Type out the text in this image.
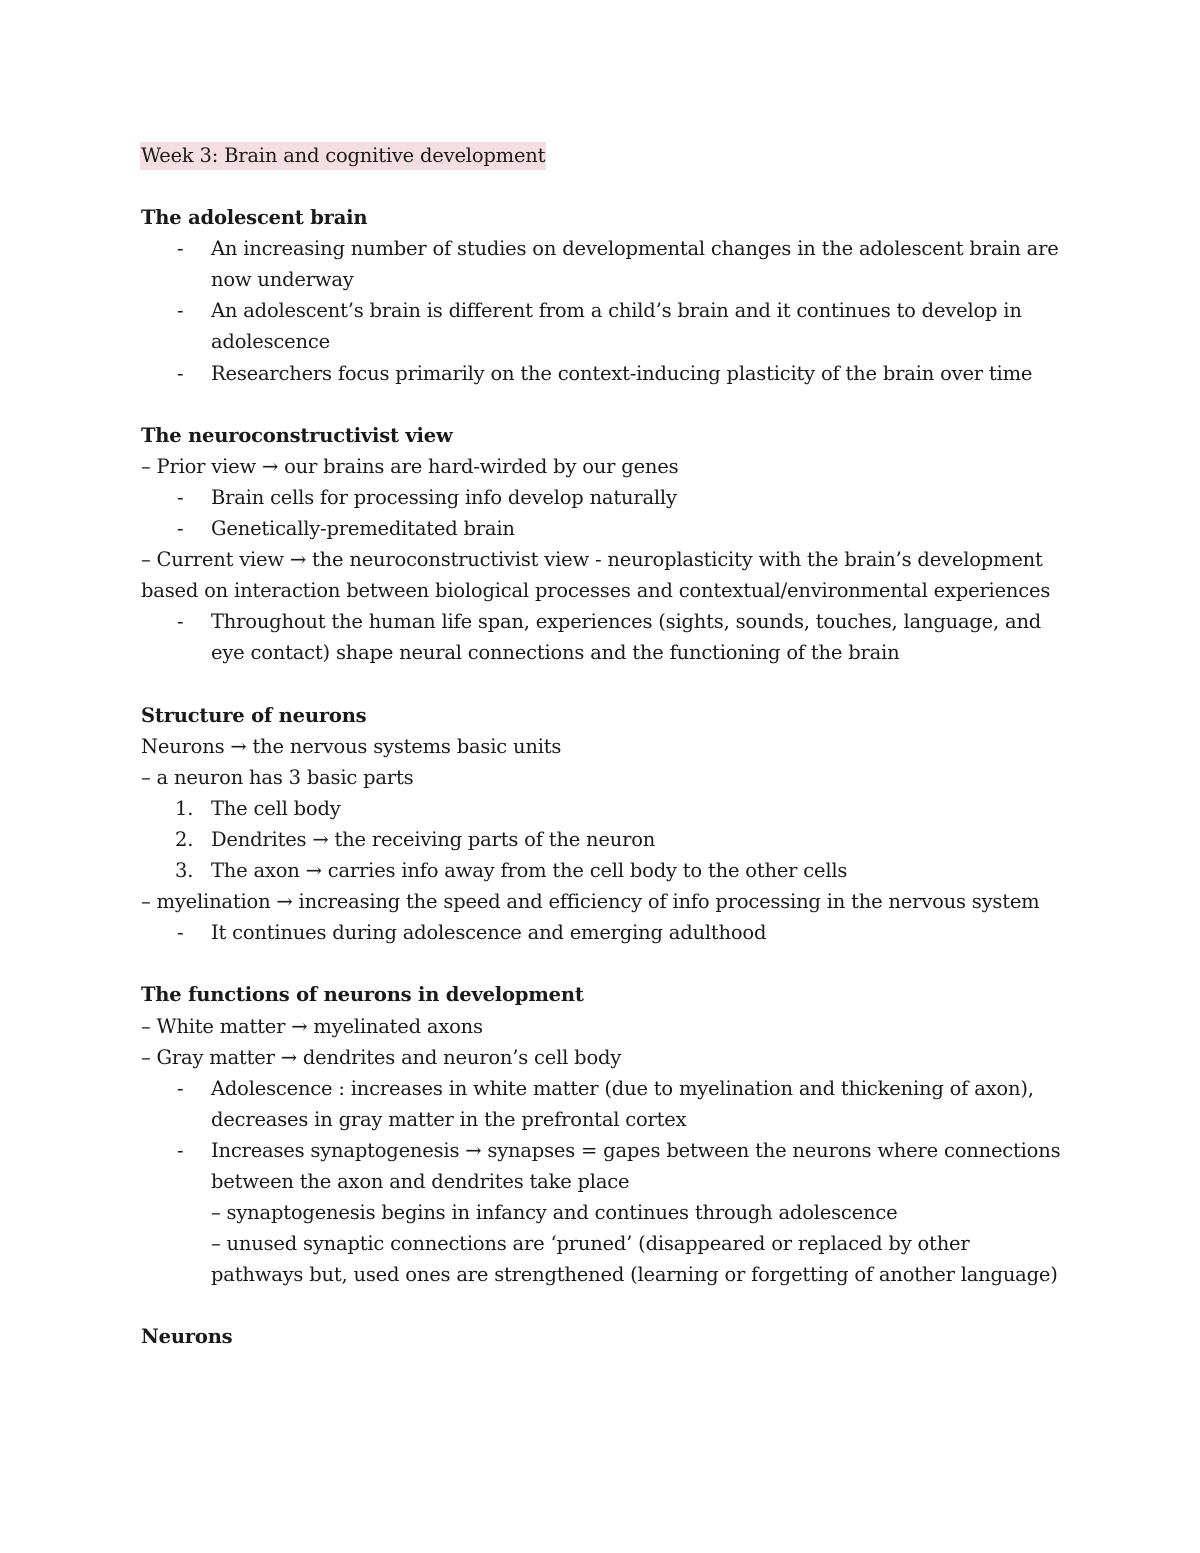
Week 3: Brain and cognitive development
The adolescent brain
-	An increasing number of studies on developmental changes in the adolescent brain are now underway
-	An adolescent’s brain is different from a child’s brain and it continues to develop in adolescence
-	Researchers focus primarily on the context-inducing plasticity of the brain over time
The neuroconstructivist view
– Prior view → our brains are hard-wirded by our genes
-	Brain cells for processing info develop naturally
-	Genetically-premeditated brain
– Current view → the neuroconstructivist view - neuroplasticity with the brain’s development
based on interaction between biological processes and contextual/environmental experiences
-	Throughout the human life span, experiences (sights, sounds, touches, language, and eye contact) shape neural connections and the functioning of the brain
Structure of neurons
Neurons → the nervous systems basic units
– a neuron has 3 basic parts
1. The cell body
2. Dendrites → the receiving parts of the neuron
3. The axon → carries info away from the cell body to the other cells
– myelination → increasing the speed and efficiency of info processing in the nervous system
-	It continues during adolescence and emerging adulthood
The functions of neurons in development
– White matter → myelinated axons
– Gray matter → dendrites and neuron’s cell body
-	Adolescence : increases in white matter (due to myelination and thickening of axon), decreases in gray matter in the prefrontal cortex
-	Increases synaptogenesis → synapses = gapes between the neurons where connections between the axon and dendrites take place
– synaptogenesis begins in infancy and continues through adolescence
– unused synaptic connections are ‘pruned’ (disappeared or replaced by other pathways but, used ones are strengthened (learning or forgetting of another language)
Neurons
